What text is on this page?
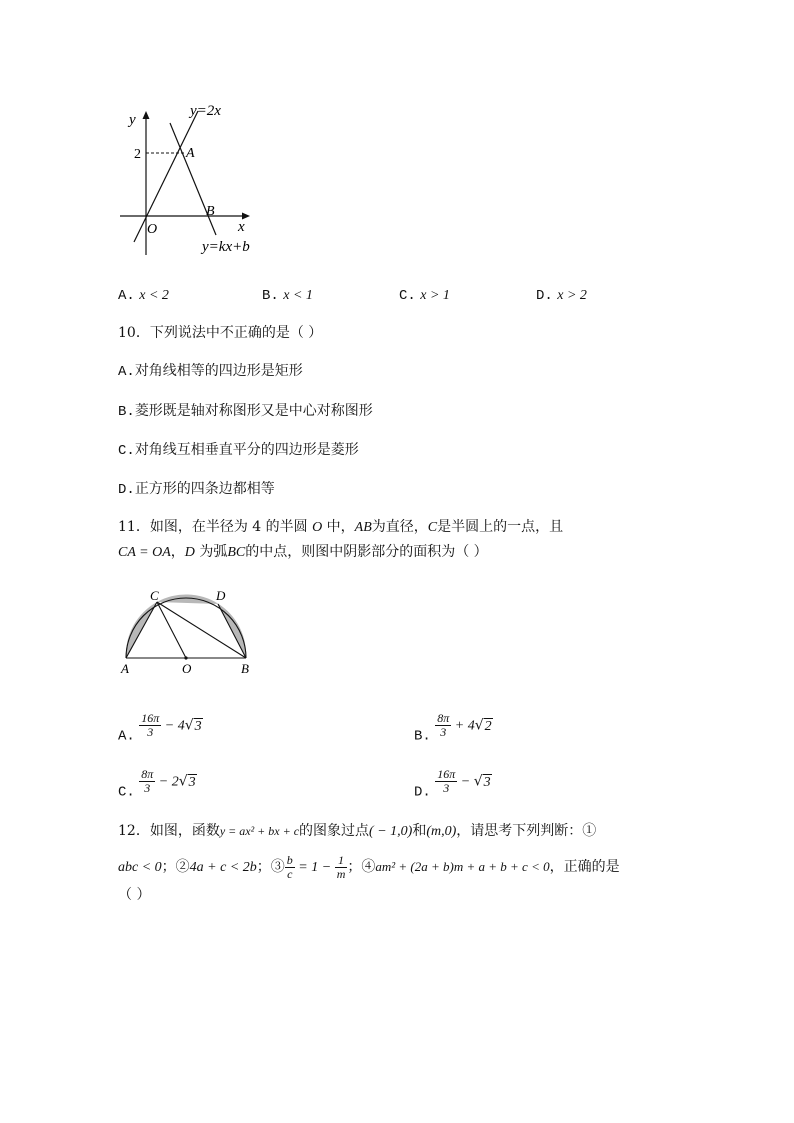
y
x
2	A
B
O
y=2x
y=kx+b
A. x < 2	B. x < 1	C. x > 1	D. x > 2
10．下列说法中不正确的是（ ）
A.对角线相等的四边形是矩形
B.菱形既是轴对称图形又是中心对称图形
C.对角线互相垂直平分的四边形是菱形
D.正方形的四条边都相等
11．如图，在半径为 4 的半圆 O 中，AB为直径，C是半圆上的一点，且
CA = OA，D 为弧BC的中点，则图中阴影部分的面积为（ ）
A	O	B
C	D
A. $\frac{16\pi}{3} - 4√3$
B. $\frac{8\pi}{3} + 4√2$
C. $\frac{8\pi}{3} - 2√3$
D. $\frac{16\pi}{3} - √3$
12．如图，函数y = ax² + bx + c的图象过点( − 1,0)和(m,0)，请思考下列判断：①
abc < 0；②4a + c < 2b；③ $\frac{b}{c} = 1 - \frac{1}{m}$ ；④am² + (2a + b)m + a + b + c < 0，正确的是
（ ）
